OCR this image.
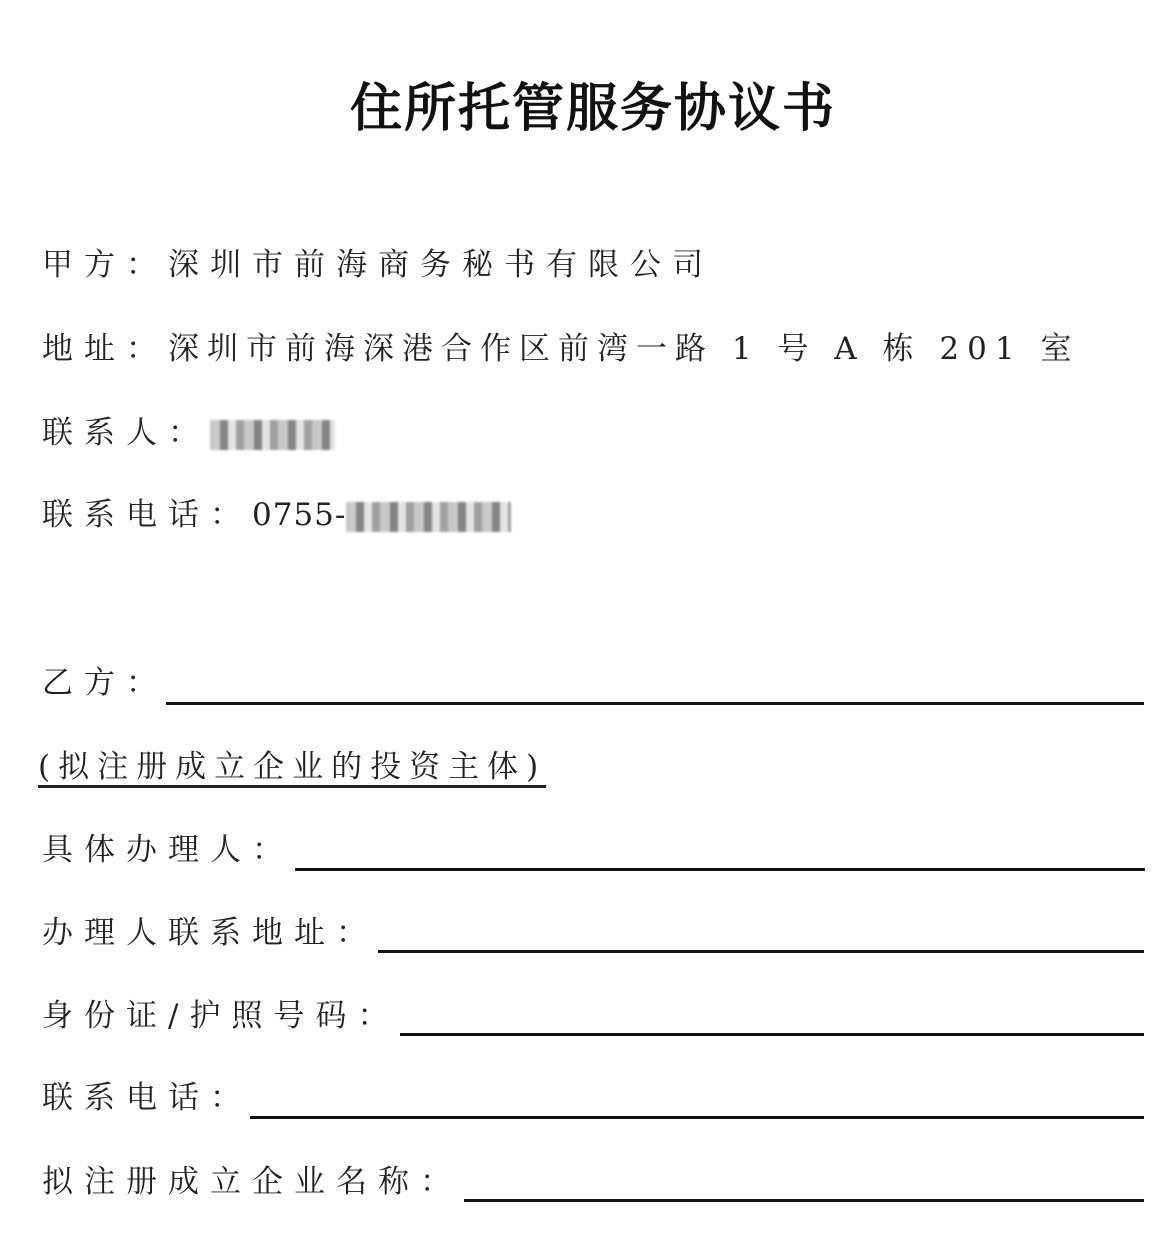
住所托管服务协议书
甲方：深圳市前海商务秘书有限公司
地址：深圳市前海深港合作区前湾一路 1 号 A 栋 201 室
联系人：
联系电话：0755-
乙方：
(拟注册成立企业的投资主体)
具体办理人：
办理人联系地址：
身份证/护照号码：
联系电话：
拟注册成立企业名称：
